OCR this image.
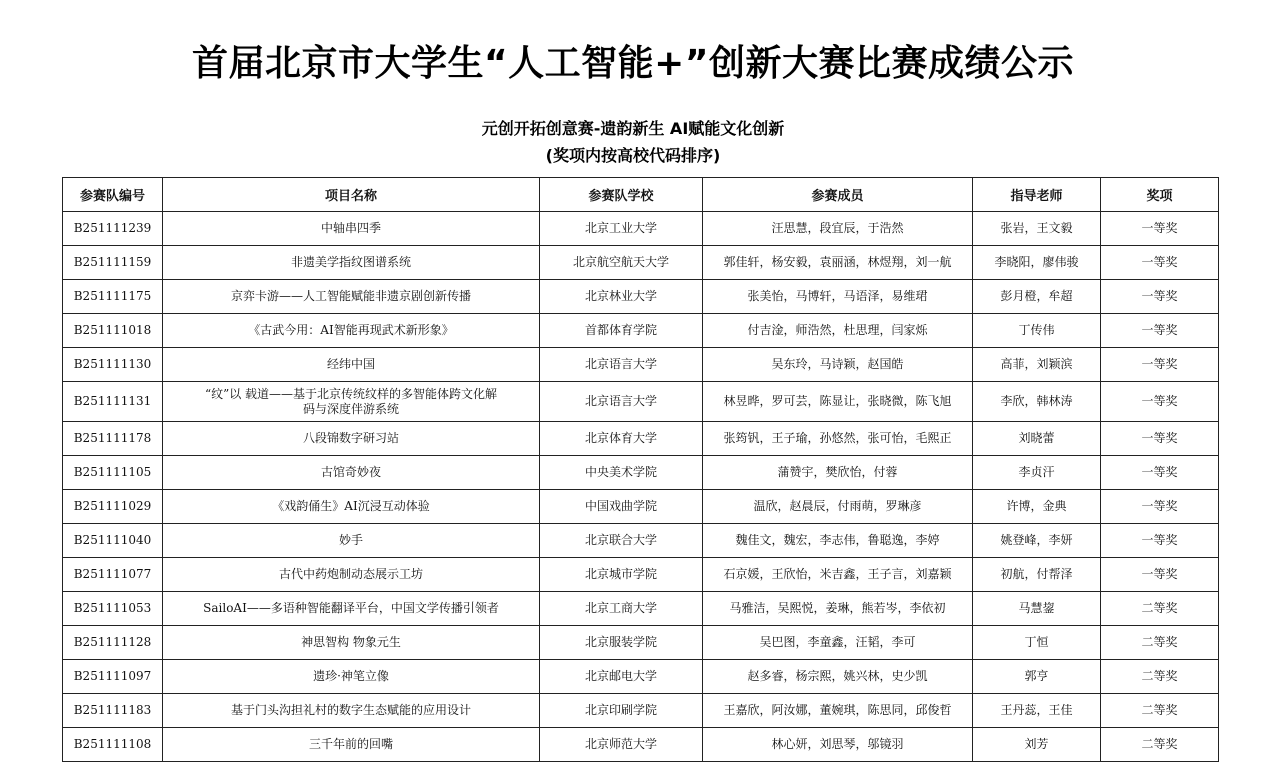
首届北京市大学生“人工智能+”创新大赛比赛成绩公示
元创开拓创意赛-遗韵新生 AI赋能文化创新
(奖项内按高校代码排序)
参赛队编号	项目名称	参赛队学校	参赛成员	指导老师	奖项
B251111239	中轴串四季	北京工业大学	汪思慧，段宜辰，于浩然	张岩，王文毅	一等奖
B251111159	非遗美学指纹图谱系统	北京航空航天大学	郭佳轩，杨安毅，袁丽涵，林煜翔，刘一航	李晓阳，廖伟骏	一等奖
B251111175	京弈卡游——人工智能赋能非遗京剧创新传播	北京林业大学	张美怡，马博轩，马语泽，易维珺	彭月橙，牟超	一等奖
B251111018	《古武今用：AI智能再现武术新形象》	首都体育学院	付吉淦，师浩然，杜思理，闫家烁	丁传伟	一等奖
B251111130	经纬中国	北京语言大学	吴东玲，马诗颖，赵国皓	高菲，刘颖滨	一等奖
B251111131	“纹”以 载道——基于北京传统纹样的多智能体跨文化解码与深度伴游系统	北京语言大学	林昱晔，罗可芸，陈显让，张晓微，陈飞旭	李欣，韩林涛	一等奖
B251111178	八段锦数字研习站	北京体育大学	张筠钒，王子瑜，孙悠然，张可怡，毛熙正	刘晓蕾	一等奖
B251111105	古馆奇妙夜	中央美术学院	蒲赞宇，樊欣怡，付蓉	李贞汗	一等奖
B251111029	《戏韵俑生》AI沉浸互动体验	中国戏曲学院	温欣，赵晨辰，付雨萌，罗琳彦	许博，金典	一等奖
B251111040	妙手	北京联合大学	魏佳文，魏宏，李志伟，鲁聪逸，李婷	姚登峰，李妍	一等奖
B251111077	古代中药炮制动态展示工坊	北京城市学院	石京媛，王欣怡，米吉鑫，王子言，刘嘉颖	初航，付帮泽	一等奖
B251111053	SailoAI——多语种智能翻译平台，中国文学传播引领者	北京工商大学	马雅洁，吴熙悦，姜琳，熊若岑，李依初	马慧鋆	二等奖
B251111128	神思智构 物象元生	北京服装学院	吴巴图，李童鑫，汪韬，李可	丁恒	二等奖
B251111097	遗珍·神笔立像	北京邮电大学	赵多睿，杨宗熙，姚兴林，史少凯	郭亨	二等奖
B251111183	基于门头沟担礼村的数字生态赋能的应用设计	北京印刷学院	王嘉欣，阿汝娜，董婉琪，陈思同，邱俊哲	王丹蕊，王佳	二等奖
B251111108	三千年前的回嘴	北京师范大学	林心妍，刘思琴，邬镜羽	刘芳	二等奖
